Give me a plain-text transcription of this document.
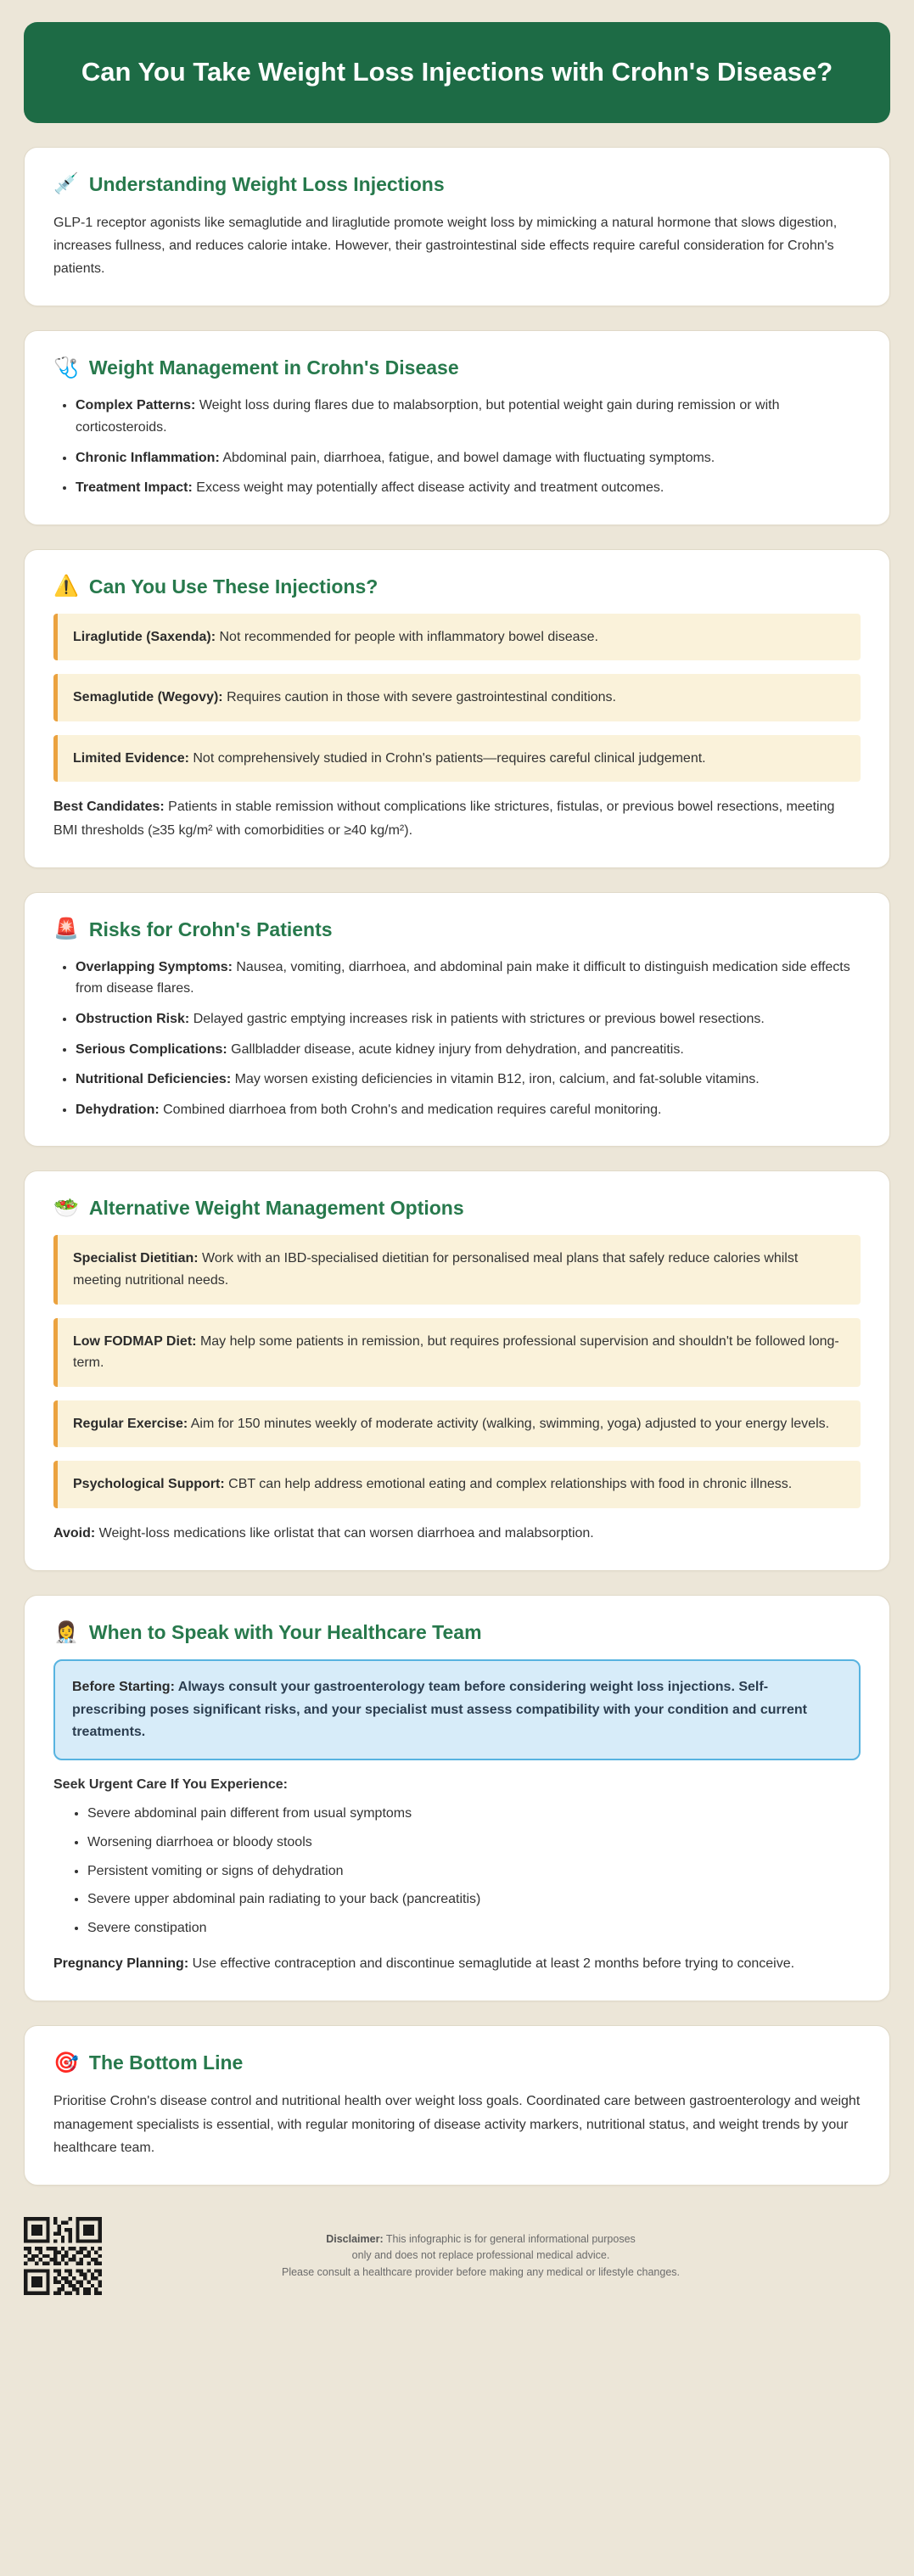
Can You Take Weight Loss Injections with Crohn's Disease?
💉 Understanding Weight Loss Injections

GLP-1 receptor agonists like semaglutide and liraglutide promote weight loss by mimicking a natural hormone that slows digestion, increases fullness, and reduces calorie intake. However, their gastrointestinal side effects require careful consideration for Crohn's patients.

🩺 Weight Management in Crohn's Disease
• Complex Patterns: Weight loss during flares due to malabsorption, but potential weight gain during remission or with corticosteroids.
• Chronic Inflammation: Abdominal pain, diarrhoea, fatigue, and bowel damage with fluctuating symptoms.
• Treatment Impact: Excess weight may potentially affect disease activity and treatment outcomes.
⚠️ Can You Use These Injections?
Liraglutide (Saxenda): Not recommended for people with inflammatory bowel disease.
Semaglutide (Wegovy): Requires caution in those with severe gastrointestinal conditions.
Limited Evidence: Not comprehensively studied in Crohn's patients—requires careful clinical judgement.

Best Candidates: Patients in stable remission without complications like strictures, fistulas, or previous bowel resections, meeting BMI thresholds (≥35 kg/m² with comorbidities or ≥40 kg/m²).

🚨 Risks for Crohn's Patients
• Overlapping Symptoms: Nausea, vomiting, diarrhoea, and abdominal pain make it difficult to distinguish medication side effects from disease flares.
• Obstruction Risk: Delayed gastric emptying increases risk in patients with strictures or previous bowel resections.
• Serious Complications: Gallbladder disease, acute kidney injury from dehydration, and pancreatitis.
• Nutritional Deficiencies: May worsen existing deficiencies in vitamin B12, iron, calcium, and fat-soluble vitamins.
• Dehydration: Combined diarrhoea from both Crohn's and medication requires careful monitoring.
🥗 Alternative Weight Management Options
Specialist Dietitian: Work with an IBD-specialised dietitian for personalised meal plans that safely reduce calories whilst meeting nutritional needs.
Low FODMAP Diet: May help some patients in remission, but requires professional supervision and shouldn't be followed long-term.
Regular Exercise: Aim for 150 minutes weekly of moderate activity (walking, swimming, yoga) adjusted to your energy levels.
Psychological Support: CBT can help address emotional eating and complex relationships with food in chronic illness.

Avoid: Weight-loss medications like orlistat that can worsen diarrhoea and malabsorption.

👩‍⚕️ When to Speak with Your Healthcare Team
Before Starting: Always consult your gastroenterology team before considering weight loss injections. Self-prescribing poses significant risks, and your specialist must assess compatibility with your condition and current treatments.

Seek Urgent Care If You Experience:

• Severe abdominal pain different from usual symptoms
• Worsening diarrhoea or bloody stools
• Persistent vomiting or signs of dehydration
• Severe upper abdominal pain radiating to your back (pancreatitis)
• Severe constipation

Pregnancy Planning: Use effective contraception and discontinue semaglutide at least 2 months before trying to conceive.

🎯 The Bottom Line

Prioritise Crohn's disease control and nutritional health over weight loss goals. Coordinated care between gastroenterology and weight management specialists is essential, with regular monitoring of disease activity markers, nutritional status, and weight trends by your healthcare team.

Disclaimer: This infographic is for general informational purposes

only and does not replace professional medical advice.

Please consult a healthcare provider before making any medical or lifestyle changes.
